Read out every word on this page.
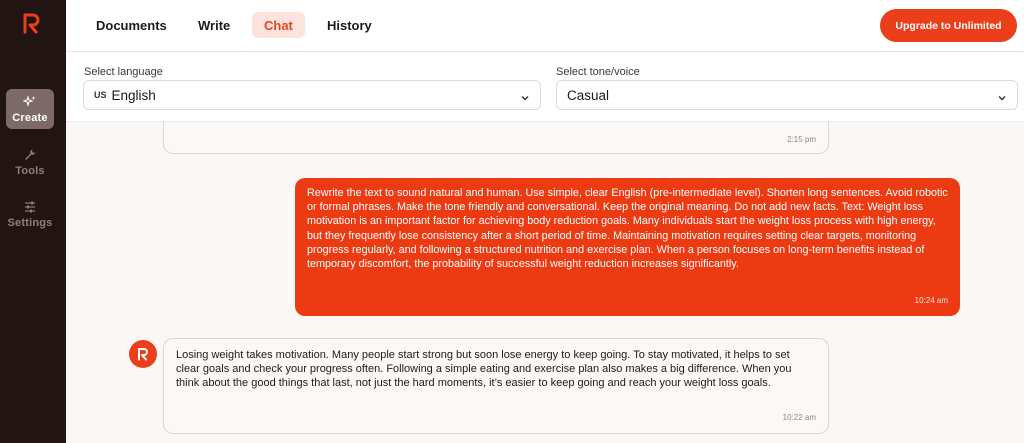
Create
Tools
Settings
Documents	Write	Chat	History	Upgrade to Unlimited
Select language
US English
Select tone/voice
Casual
2:15 pm
Rewrite the text to sound natural and human. Use simple, clear English (pre-intermediate level). Shorten long sentences. Avoid robotic or formal phrases. Make the tone friendly and conversational. Keep the original meaning. Do not add new facts. Text: Weight loss motivation is an important factor for achieving body reduction goals. Many individuals start the weight loss process with high energy, but they frequently lose consistency after a short period of time. Maintaining motivation requires setting clear targets, monitoring progress regularly, and following a structured nutrition and exercise plan. When a person focuses on long-term benefits instead of temporary discomfort, the probability of successful weight reduction increases significantly.
10:24 am
Losing weight takes motivation. Many people start strong but soon lose energy to keep going. To stay motivated, it helps to set clear goals and check your progress often. Following a simple eating and exercise plan also makes a big difference. When you think about the good things that last, not just the hard moments, it’s easier to keep going and reach your weight loss goals.
10:22 am
